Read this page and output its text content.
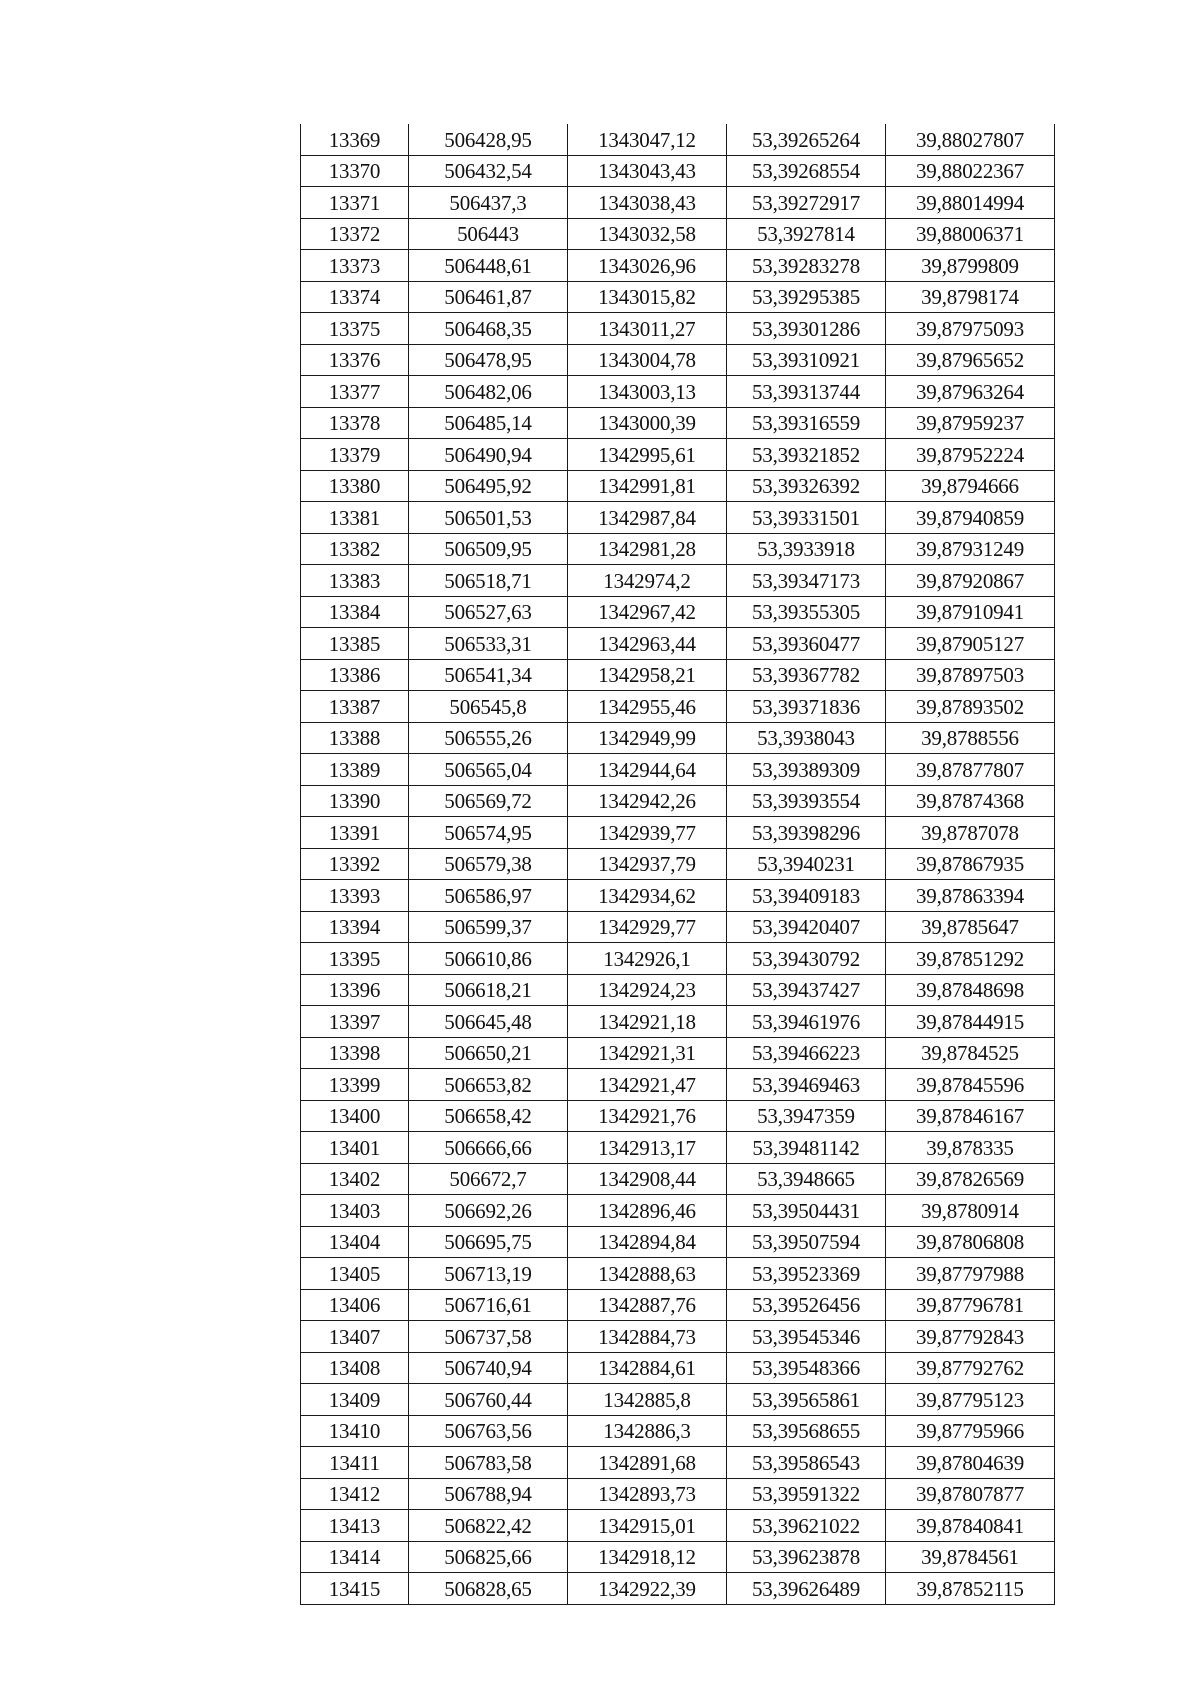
13369	506428,95	1343047,12	53,39265264	39,88027807
13370	506432,54	1343043,43	53,39268554	39,88022367
13371	506437,3	1343038,43	53,39272917	39,88014994
13372	506443	1343032,58	53,3927814	39,88006371
13373	506448,61	1343026,96	53,39283278	39,8799809
13374	506461,87	1343015,82	53,39295385	39,8798174
13375	506468,35	1343011,27	53,39301286	39,87975093
13376	506478,95	1343004,78	53,39310921	39,87965652
13377	506482,06	1343003,13	53,39313744	39,87963264
13378	506485,14	1343000,39	53,39316559	39,87959237
13379	506490,94	1342995,61	53,39321852	39,87952224
13380	506495,92	1342991,81	53,39326392	39,8794666
13381	506501,53	1342987,84	53,39331501	39,87940859
13382	506509,95	1342981,28	53,3933918	39,87931249
13383	506518,71	1342974,2	53,39347173	39,87920867
13384	506527,63	1342967,42	53,39355305	39,87910941
13385	506533,31	1342963,44	53,39360477	39,87905127
13386	506541,34	1342958,21	53,39367782	39,87897503
13387	506545,8	1342955,46	53,39371836	39,87893502
13388	506555,26	1342949,99	53,3938043	39,8788556
13389	506565,04	1342944,64	53,39389309	39,87877807
13390	506569,72	1342942,26	53,39393554	39,87874368
13391	506574,95	1342939,77	53,39398296	39,8787078
13392	506579,38	1342937,79	53,3940231	39,87867935
13393	506586,97	1342934,62	53,39409183	39,87863394
13394	506599,37	1342929,77	53,39420407	39,8785647
13395	506610,86	1342926,1	53,39430792	39,87851292
13396	506618,21	1342924,23	53,39437427	39,87848698
13397	506645,48	1342921,18	53,39461976	39,87844915
13398	506650,21	1342921,31	53,39466223	39,8784525
13399	506653,82	1342921,47	53,39469463	39,87845596
13400	506658,42	1342921,76	53,3947359	39,87846167
13401	506666,66	1342913,17	53,39481142	39,878335
13402	506672,7	1342908,44	53,3948665	39,87826569
13403	506692,26	1342896,46	53,39504431	39,8780914
13404	506695,75	1342894,84	53,39507594	39,87806808
13405	506713,19	1342888,63	53,39523369	39,87797988
13406	506716,61	1342887,76	53,39526456	39,87796781
13407	506737,58	1342884,73	53,39545346	39,87792843
13408	506740,94	1342884,61	53,39548366	39,87792762
13409	506760,44	1342885,8	53,39565861	39,87795123
13410	506763,56	1342886,3	53,39568655	39,87795966
13411	506783,58	1342891,68	53,39586543	39,87804639
13412	506788,94	1342893,73	53,39591322	39,87807877
13413	506822,42	1342915,01	53,39621022	39,87840841
13414	506825,66	1342918,12	53,39623878	39,8784561
13415	506828,65	1342922,39	53,39626489	39,87852115
